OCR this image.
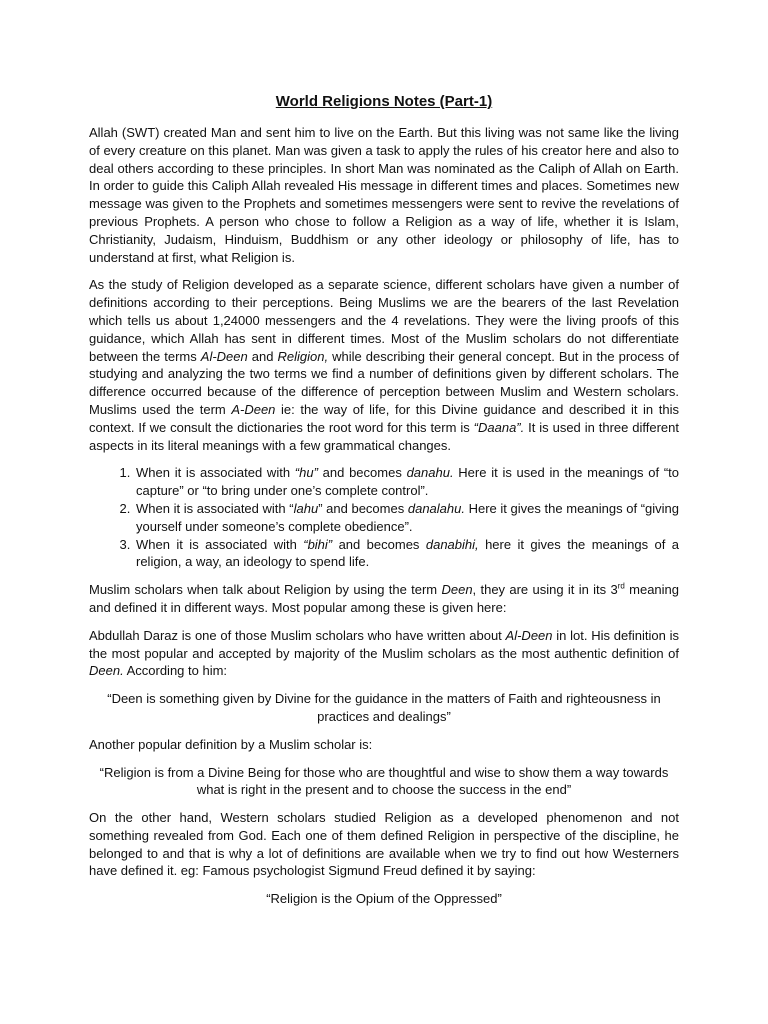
World Religions Notes (Part-1)

Allah (SWT) created Man and sent him to live on the Earth. But this living was not same like the living of every creature on this planet. Man was given a task to apply the rules of his creator here and also to deal others according to these principles. In short Man was nominated as the Caliph of Allah on Earth. In order to guide this Caliph Allah revealed His message in different times and places. Sometimes new message was given to the Prophets and sometimes messengers were sent to revive the revelations of previous Prophets. A person who chose to follow a Religion as a way of life, whether it is Islam, Christianity, Judaism, Hinduism, Buddhism or any other ideology or philosophy of life, has to understand at first, what Religion is.

As the study of Religion developed as a separate science, different scholars have given a number of definitions according to their perceptions. Being Muslims we are the bearers of the last Revelation which tells us about 1,24000 messengers and the 4 revelations. They were the living proofs of this guidance, which Allah has sent in different times. Most of the Muslim scholars do not differentiate between the terms Al-Deen and Religion, while describing their general concept. But in the process of studying and analyzing the two terms we find a number of definitions given by different scholars. The difference occurred because of the difference of perception between Muslim and Western scholars. Muslims used the term A-Deen ie: the way of life, for this Divine guidance and described it in this context. If we consult the dictionaries the root word for this term is “Daana”. It is used in three different aspects in its literal meanings with a few grammatical changes.

1. When it is associated with “hu” and becomes danahu. Here it is used in the meanings of “to capture” or “to bring under one’s complete control”.
2. When it is associated with “lahu” and becomes danalahu. Here it gives the meanings of “giving yourself under someone’s complete obedience”.
3. When it is associated with “bihi” and becomes danabihi, here it gives the meanings of a religion, a way, an ideology to spend life.

Muslim scholars when talk about Religion by using the term Deen, they are using it in its 3rd meaning and defined it in different ways. Most popular among these is given here:

Abdullah Daraz is one of those Muslim scholars who have written about Al-Deen in lot. His definition is the most popular and accepted by majority of the Muslim scholars as the most authentic definition of Deen. According to him:

“Deen is something given by Divine for the guidance in the matters of Faith and righteousness in practices and dealings”

Another popular definition by a Muslim scholar is:

“Religion is from a Divine Being for those who are thoughtful and wise to show them a way towards what is right in the present and to choose the success in the end”

On the other hand, Western scholars studied Religion as a developed phenomenon and not something revealed from God. Each one of them defined Religion in perspective of the discipline, he belonged to and that is why a lot of definitions are available when we try to find out how Westerners have defined it. eg: Famous psychologist Sigmund Freud defined it by saying:

“Religion is the Opium of the Oppressed”
